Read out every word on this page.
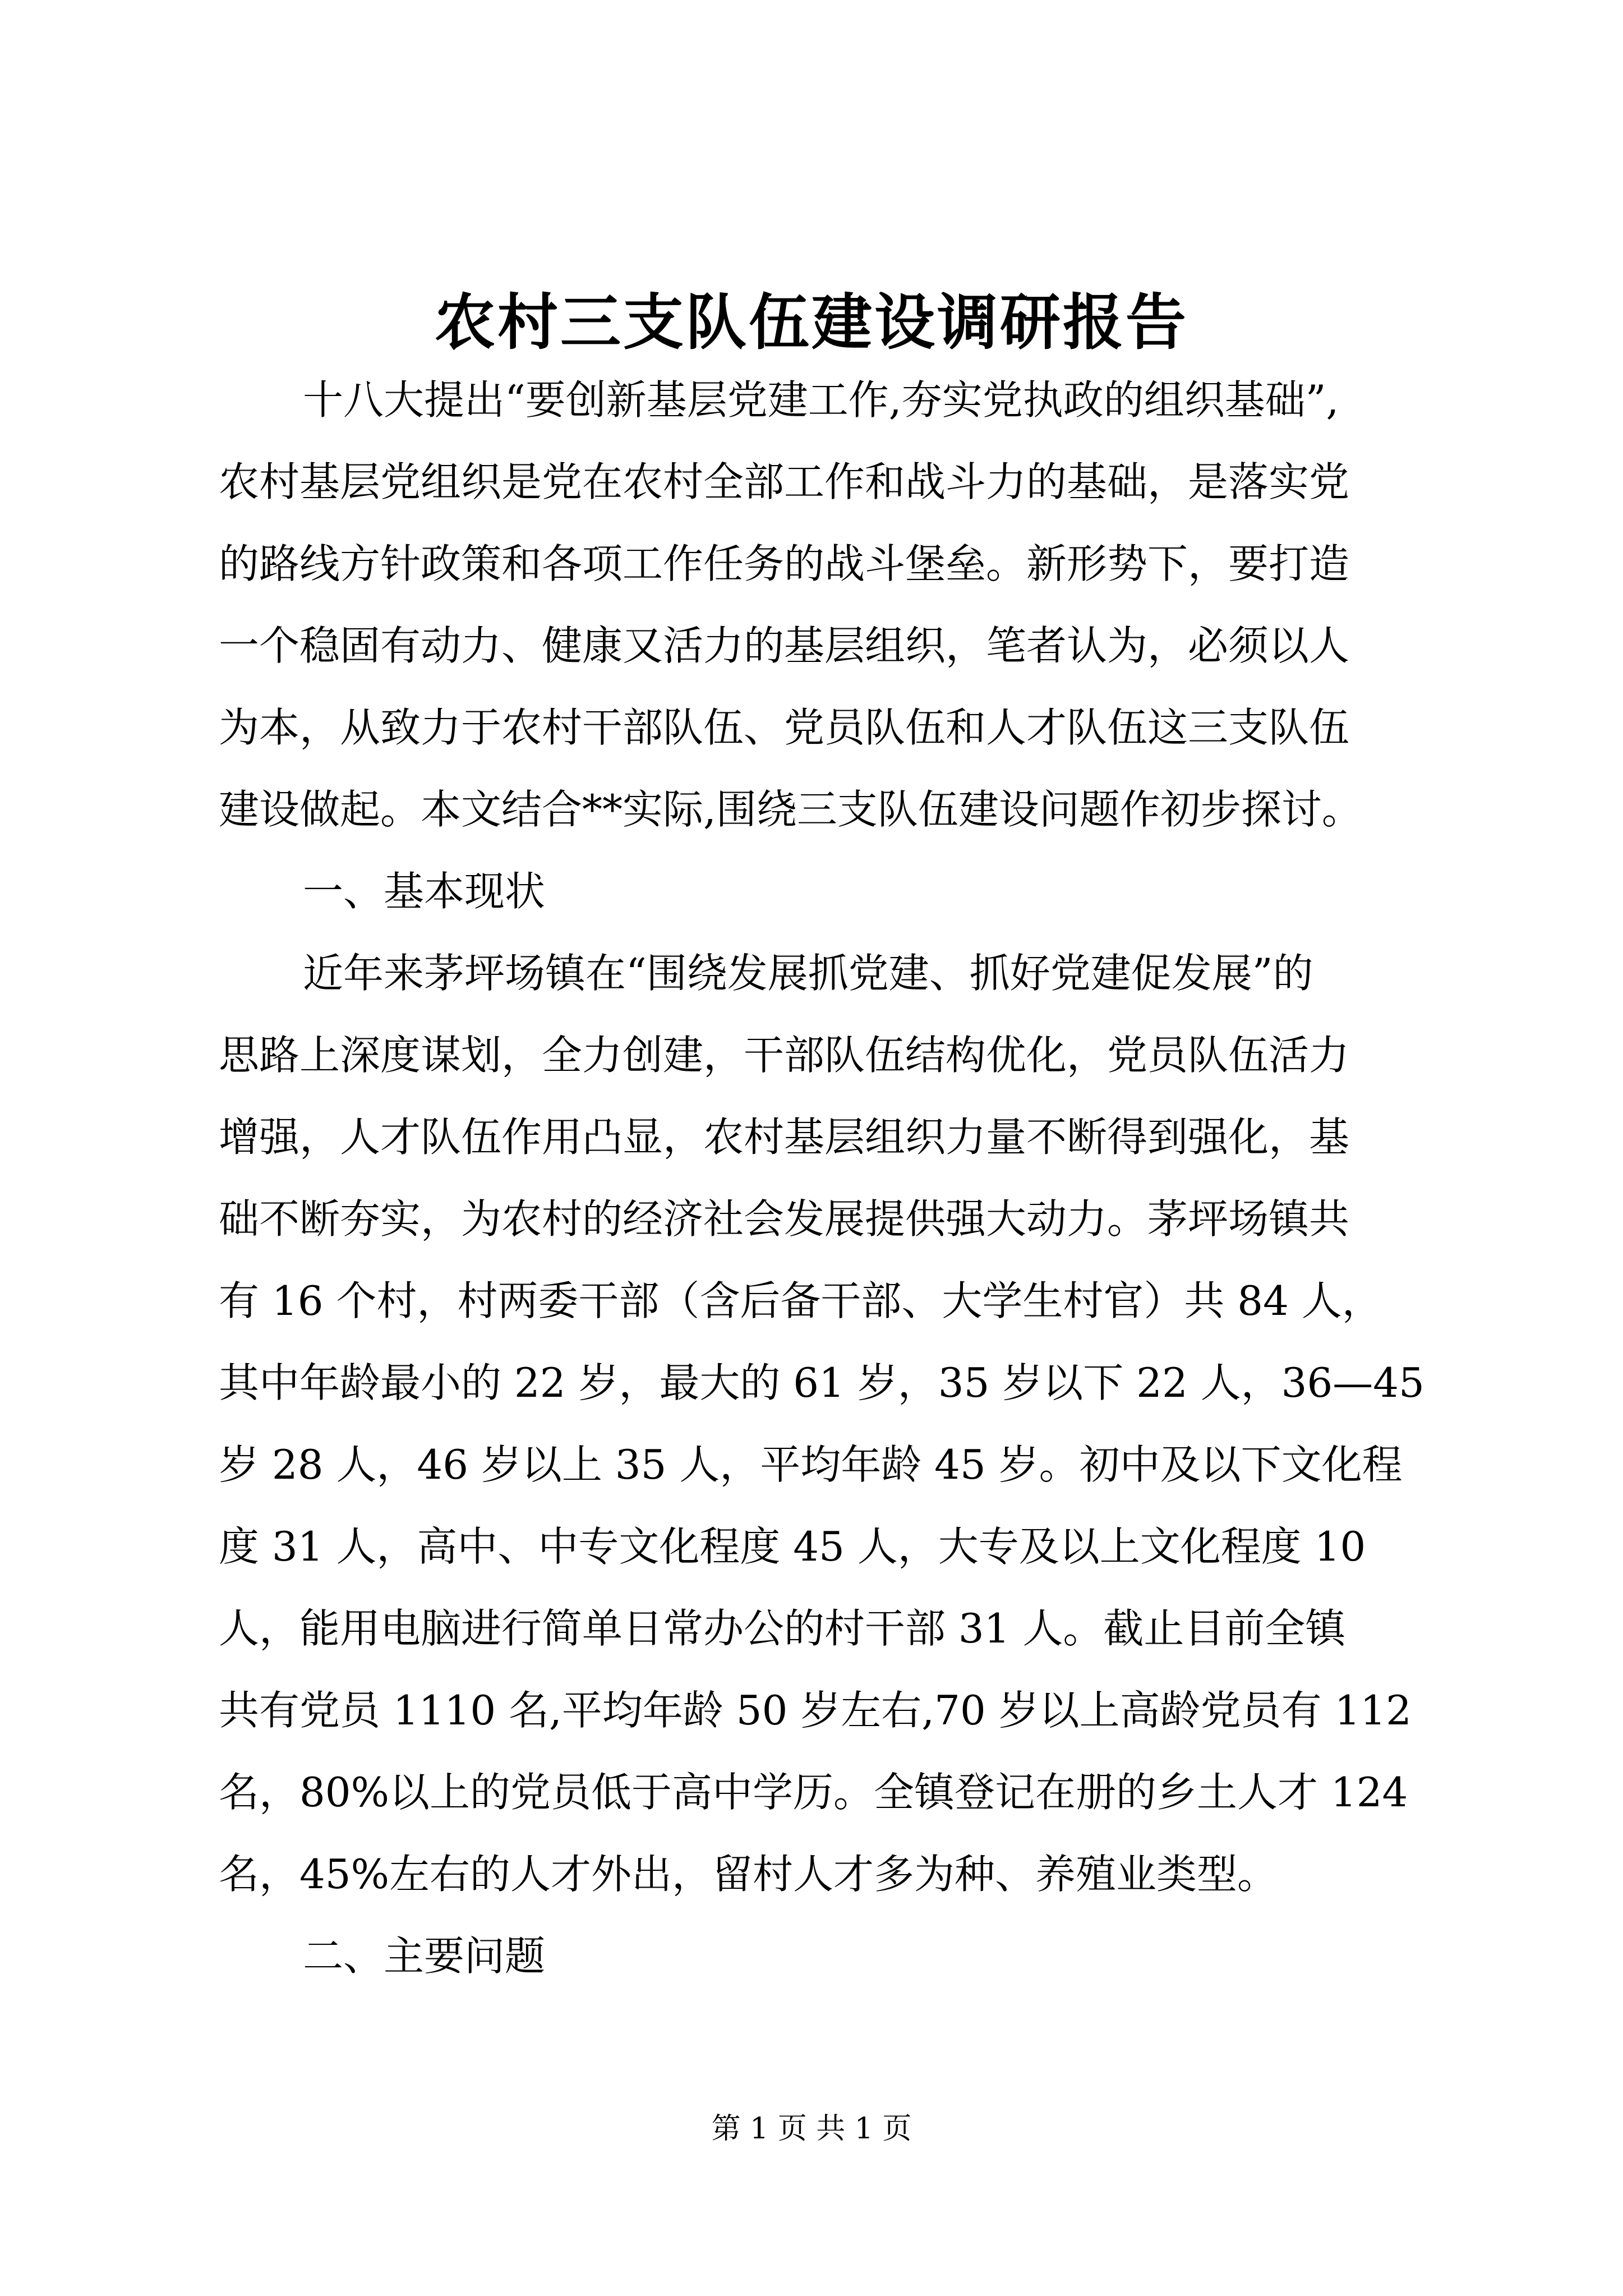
农村三支队伍建设调研报告
十八大提出“要创新基层党建工作,夯实党执政的组织基础”,
农村基层党组织是党在农村全部工作和战斗力的基础，是落实党
的路线方针政策和各项工作任务的战斗堡垒。新形势下，要打造
一个稳固有动力、健康又活力的基层组织，笔者认为，必须以人
为本，从致力于农村干部队伍、党员队伍和人才队伍这三支队伍
建设做起。本文结合**实际,围绕三支队伍建设问题作初步探讨。
一、基本现状
近年来茅坪场镇在“围绕发展抓党建、抓好党建促发展”的
思路上深度谋划，全力创建，干部队伍结构优化，党员队伍活力
增强，人才队伍作用凸显，农村基层组织力量不断得到强化，基
础不断夯实，为农村的经济社会发展提供强大动力。茅坪场镇共
有 16 个村，村两委干部（含后备干部、大学生村官）共 84 人，
其中年龄最小的 22 岁，最大的 61 岁，35 岁以下 22 人，36—45
岁 28 人，46 岁以上 35 人，平均年龄 45 岁。初中及以下文化程
度 31 人，高中、中专文化程度 45 人，大专及以上文化程度 10
人，能用电脑进行简单日常办公的村干部 31 人。截止目前全镇
共有党员 1110 名,平均年龄 50 岁左右,70 岁以上高龄党员有 112
名，80%以上的党员低于高中学历。全镇登记在册的乡土人才 124
名，45%左右的人才外出，留村人才多为种、养殖业类型。
二、主要问题
第 1 页 共 1 页
